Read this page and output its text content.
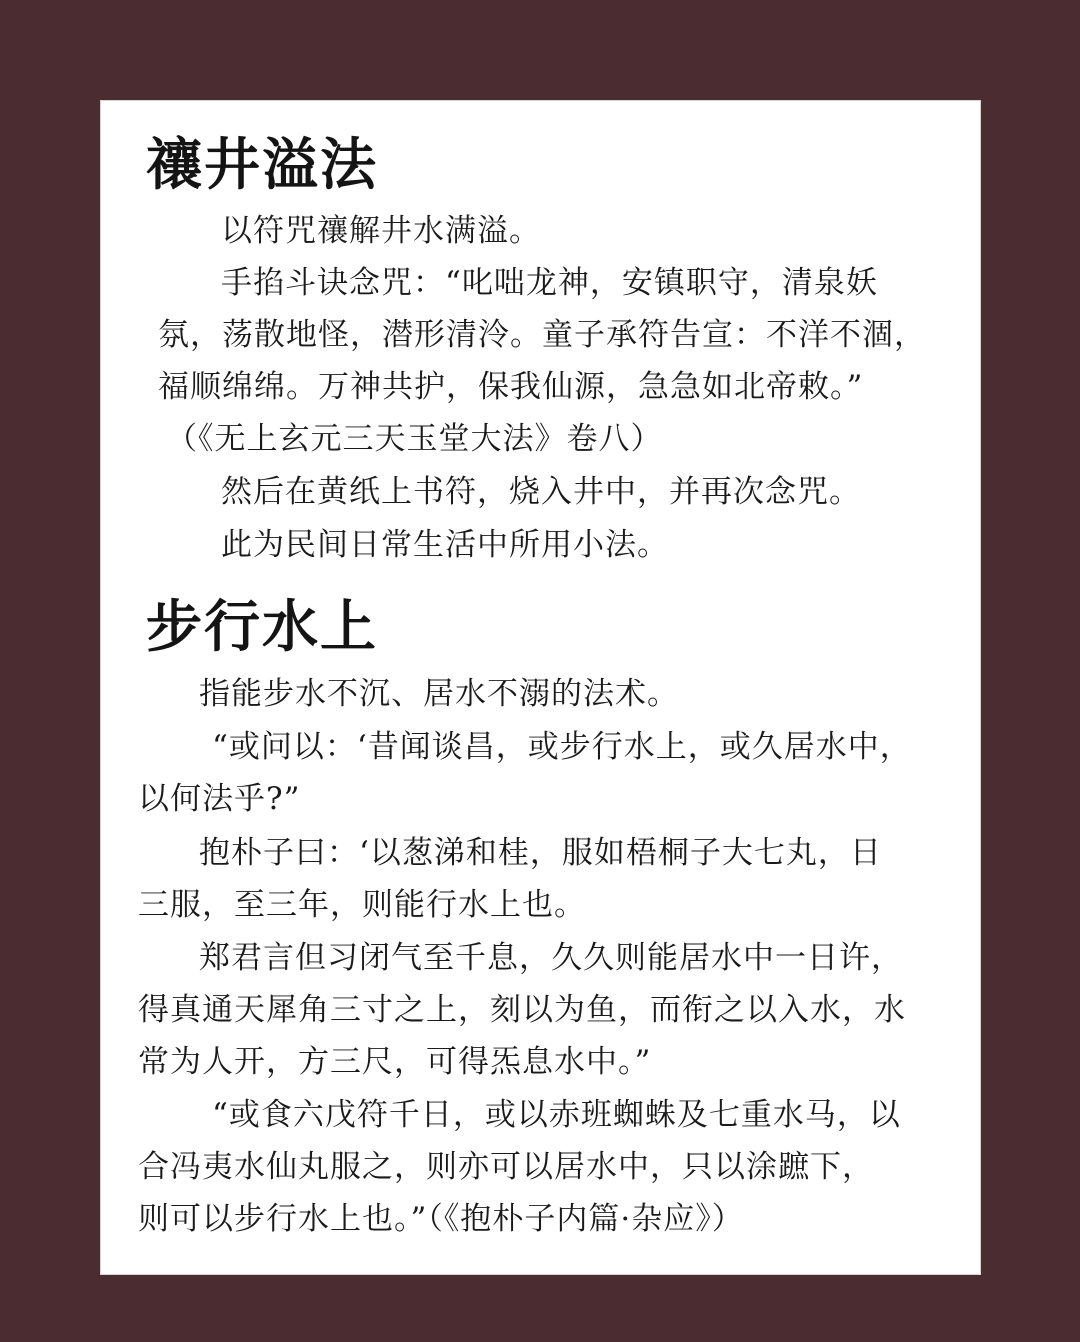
禳井溢法
以符咒禳解井水满溢。
手掐斗诀念咒：“叱咄龙神，安镇职守，清泉妖
氛，荡散地怪，潜形清泠。童子承符告宣：不洋不涸，
福顺绵绵。万神共护，保我仙源，急急如北帝敕。”
（《无上玄元三天玉堂大法》卷八）
然后在黄纸上书符，烧入井中，并再次念咒。
此为民间日常生活中所用小法。
步行水上
指能步水不沉、居水不溺的法术。
“或问以：‘昔闻谈昌，或步行水上，或久居水中，
以何法乎?”
抱朴子曰：‘以葱涕和桂，服如梧桐子大七丸，日
三服，至三年，则能行水上也。
郑君言但习闭气至千息，久久则能居水中一日许，
得真通天犀角三寸之上，刻以为鱼，而衔之以入水，水
常为人开，方三尺，可得炁息水中。”
“或食六戊符千日，或以赤班蜘蛛及七重水马，以
合冯夷水仙丸服之，则亦可以居水中，只以涂蹠下，
则可以步行水上也。”（《抱朴子内篇·杂应》）
